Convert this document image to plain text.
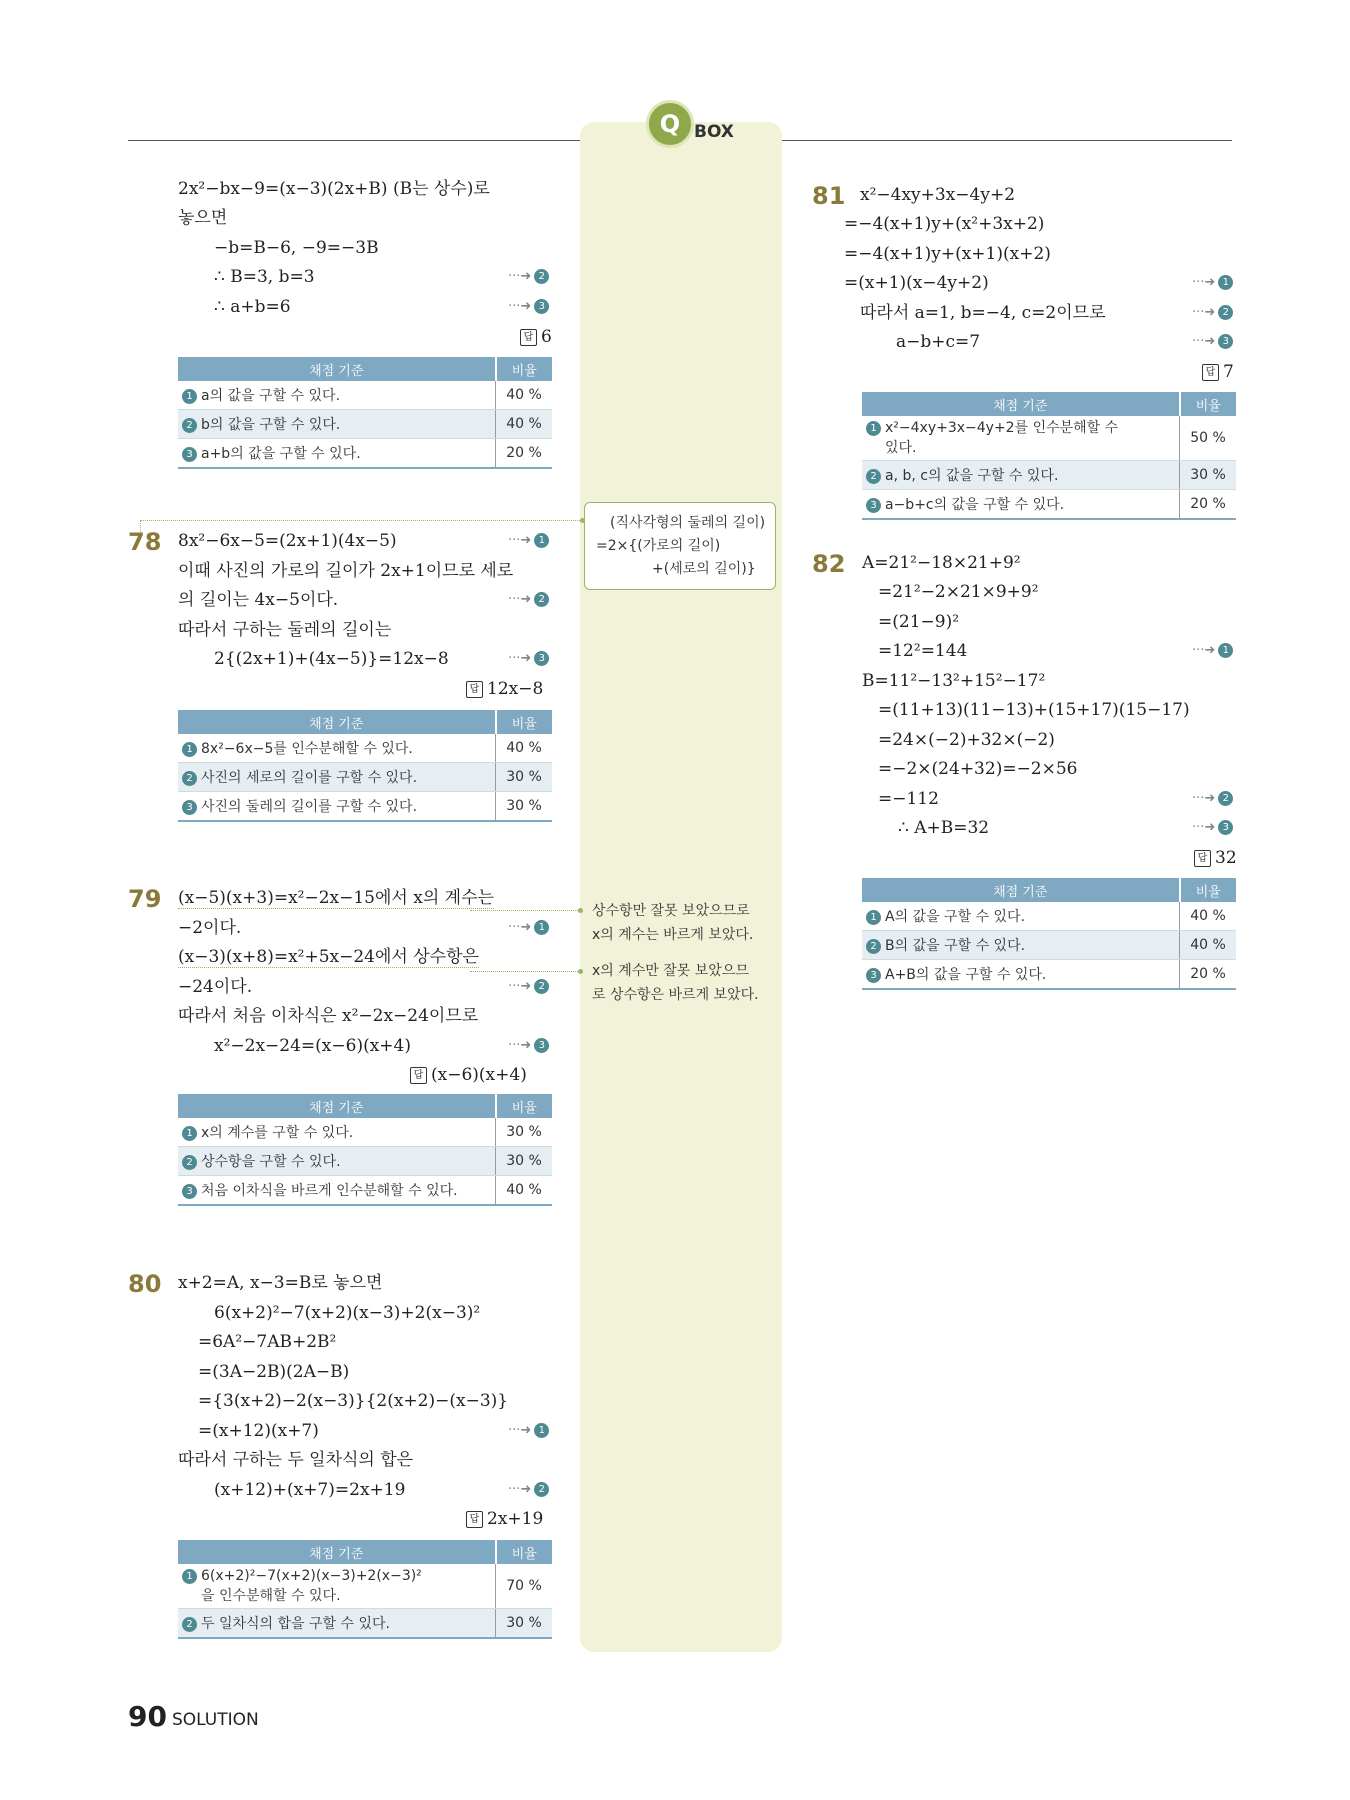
Q BOX
2x²−bx−9=(x−3)(2x+B) (B는 상수)로
놓으면
−b=B−6, −9=−3B
∴ B=3, b=3	···➜ 2
∴ a+b=6	···➜ 3
답 6
채점 기준	비율
1 a의 값을 구할 수 있다.	40 %
2 b의 값을 구할 수 있다.	40 %
3 a+b의 값을 구할 수 있다.	20 %
78 8x²−6x−5=(2x+1)(4x−5)	···➜ 1
이때 사진의 가로의 길이가 2x+1이므로 세로
의 길이는 4x−5이다.	···➜ 2
따라서 구하는 둘레의 길이는
2{(2x+1)+(4x−5)}=12x−8	···➜ 3
답 12x−8
채점 기준	비율
1 8x²−6x−5를 인수분해할 수 있다.	40 %
2 사진의 세로의 길이를 구할 수 있다.	30 %
3 사진의 둘레의 길이를 구할 수 있다.	30 %
(직사각형의 둘레의 길이)
=2×{(가로의 길이)
+(세로의 길이)}
79 (x−5)(x+3)=x²−2x−15에서 x의 계수는
−2이다.	···➜ 1
(x−3)(x+8)=x²+5x−24에서 상수항은
−24이다.	···➜ 2
따라서 처음 이차식은 x²−2x−24이므로
x²−2x−24=(x−6)(x+4)	···➜ 3
답 (x−6)(x+4)
채점 기준	비율
1 x의 계수를 구할 수 있다.	30 %
2 상수항을 구할 수 있다.	30 %
3 처음 이차식을 바르게 인수분해할 수 있다.	40 %
상수항만 잘못 보았으므로
x의 계수는 바르게 보았다.
x의 계수만 잘못 보았으므
로 상수항은 바르게 보았다.
80 x+2=A, x−3=B로 놓으면
6(x+2)²−7(x+2)(x−3)+2(x−3)²
=6A²−7AB+2B²
=(3A−2B)(2A−B)
={3(x+2)−2(x−3)}{2(x+2)−(x−3)}
=(x+12)(x+7)	···➜ 1
따라서 구하는 두 일차식의 합은
(x+12)+(x+7)=2x+19	···➜ 2
답 2x+19
채점 기준	비율
1 6(x+2)²−7(x+2)(x−3)+2(x−3)²
을 인수분해할 수 있다.	70 %
2 두 일차식의 합을 구할 수 있다.	30 %
81 x²−4xy+3x−4y+2
=−4(x+1)y+(x²+3x+2)
=−4(x+1)y+(x+1)(x+2)
=(x+1)(x−4y+2)	···➜ 1
따라서 a=1, b=−4, c=2이므로	···➜ 2
a−b+c=7	···➜ 3
답 7
채점 기준	비율
1 x²−4xy+3x−4y+2를 인수분해할 수
있다.	50 %
2 a, b, c의 값을 구할 수 있다.	30 %
3 a−b+c의 값을 구할 수 있다.	20 %
82 A=21²−18×21+9²
=21²−2×21×9+9²
=(21−9)²
=12²=144	···➜ 1
B=11²−13²+15²−17²
=(11+13)(11−13)+(15+17)(15−17)
=24×(−2)+32×(−2)
=−2×(24+32)=−2×56
=−112	···➜ 2
∴ A+B=32	···➜ 3
답 32
채점 기준	비율
1 A의 값을 구할 수 있다.	40 %
2 B의 값을 구할 수 있다.	40 %
3 A+B의 값을 구할 수 있다.	20 %
90 SOLUTION
